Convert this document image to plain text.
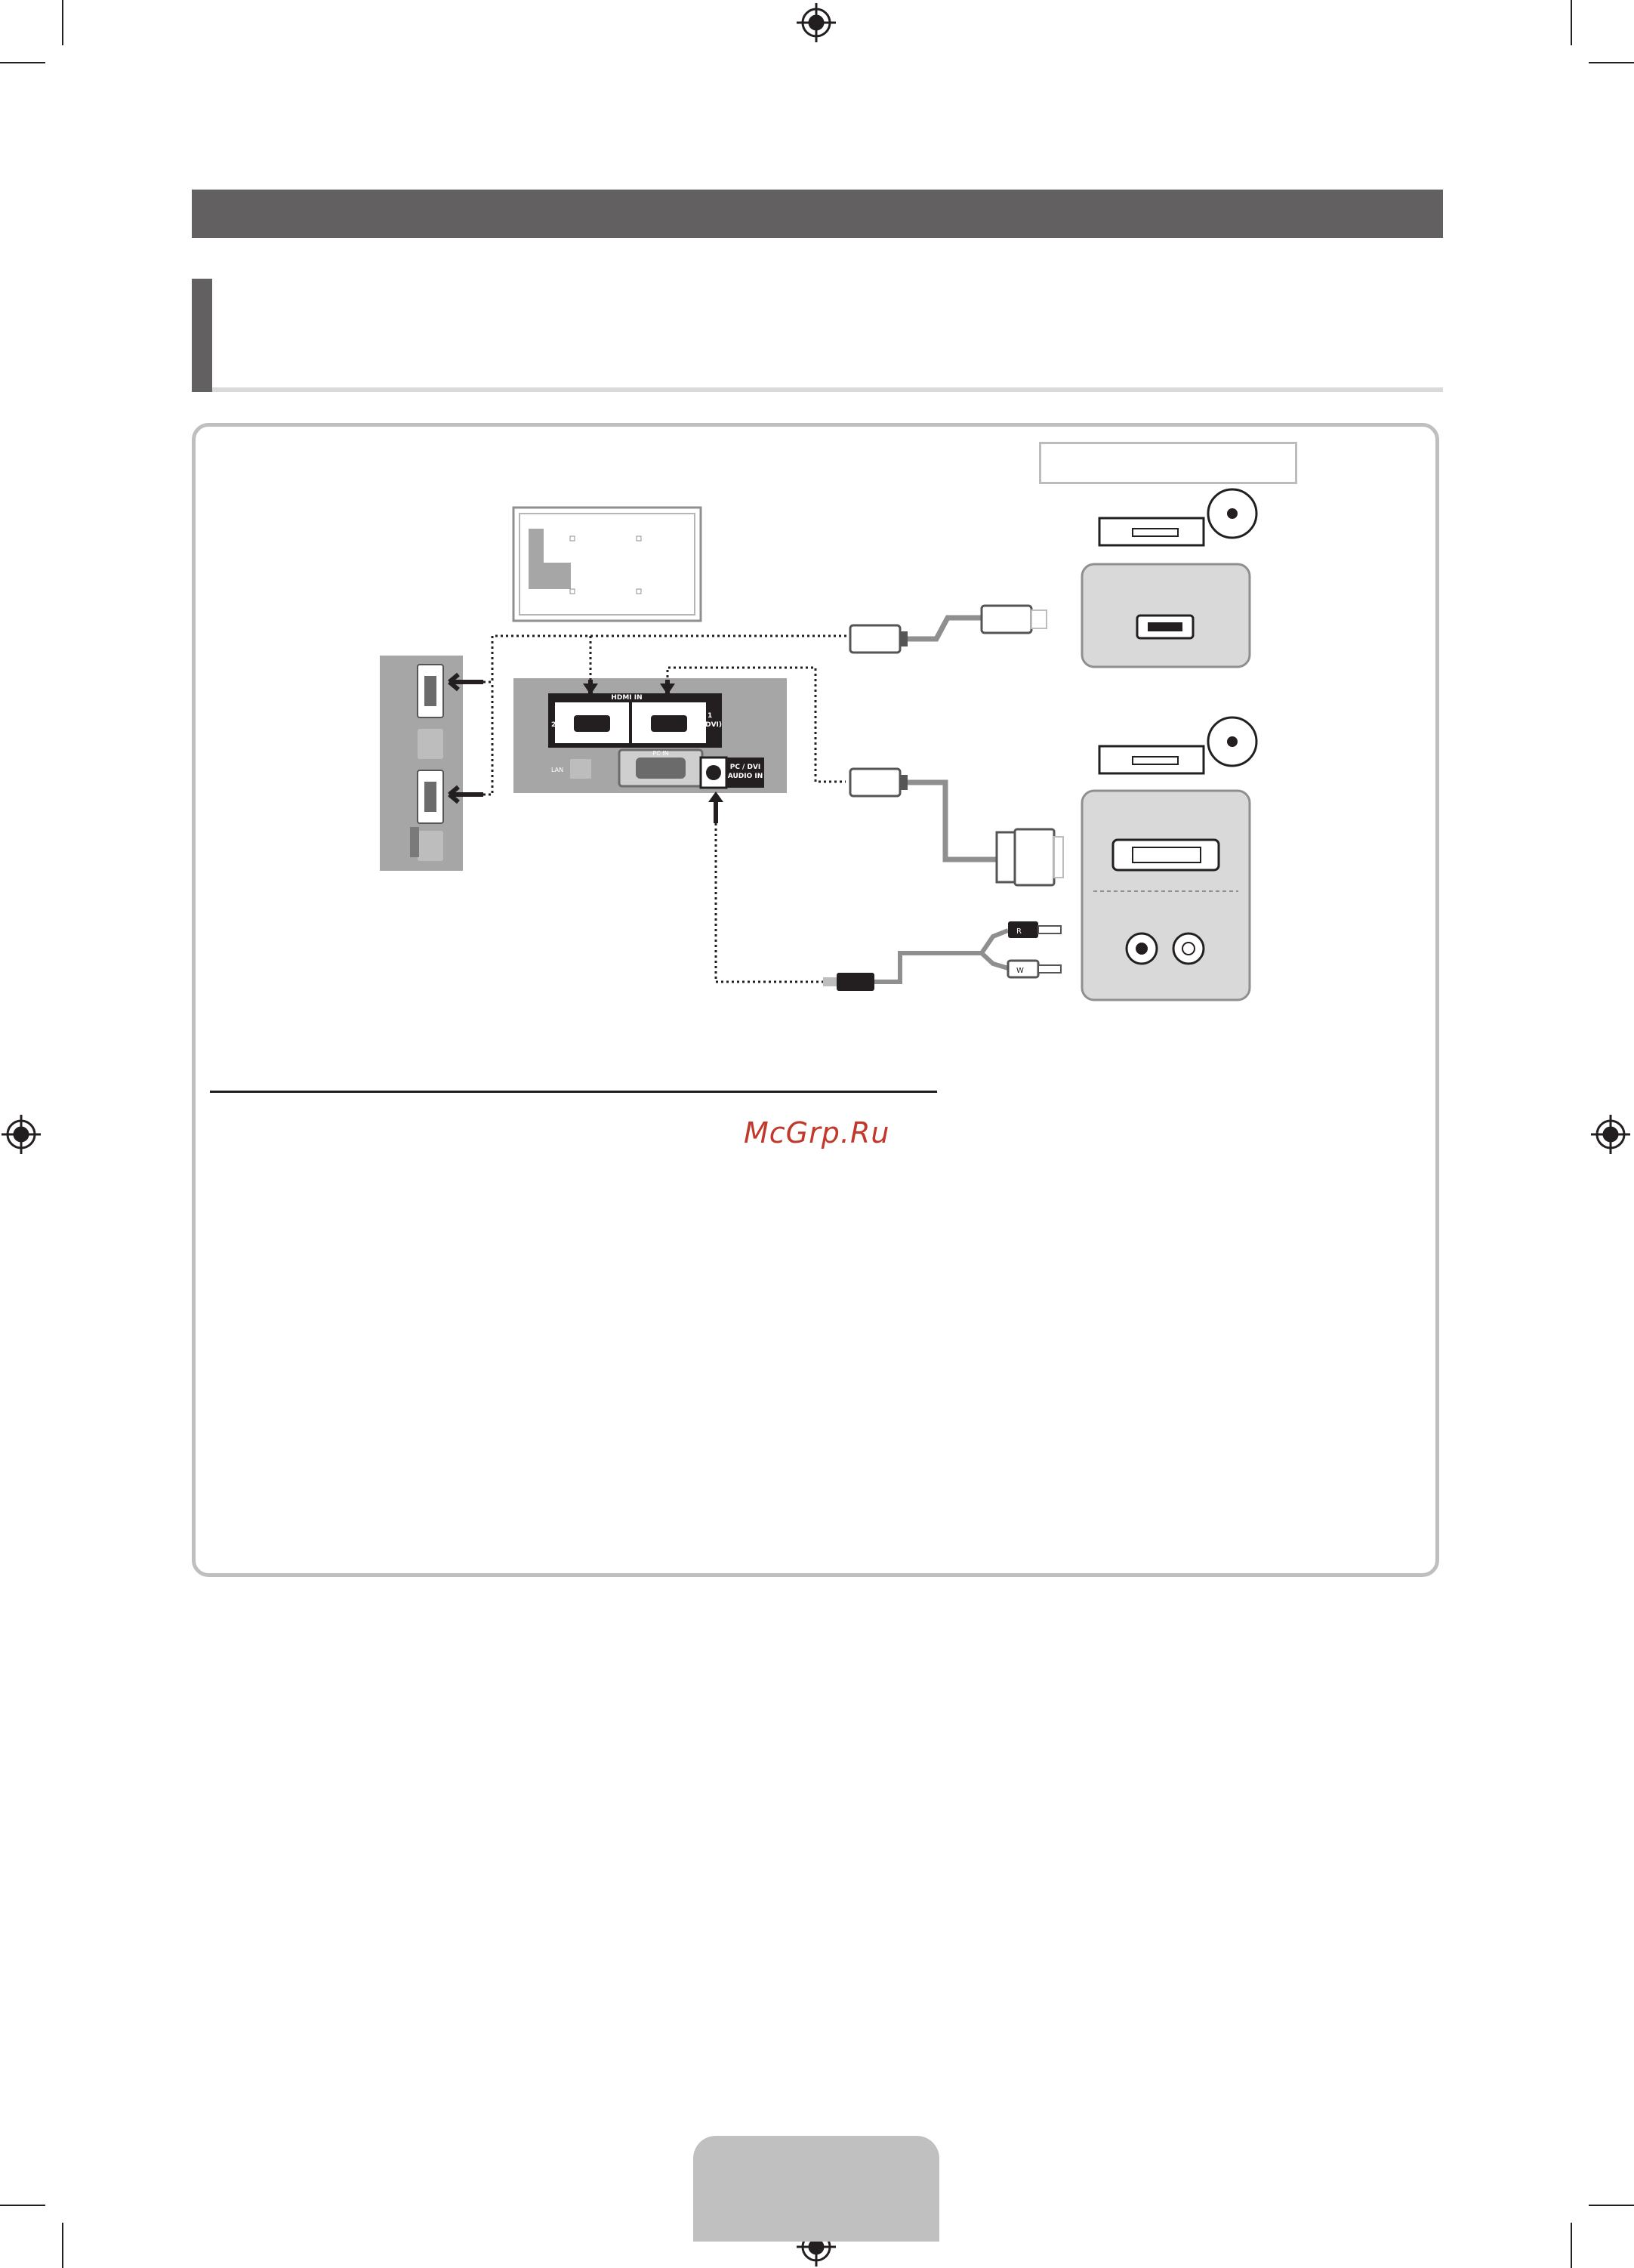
HDMI IN
2
1
(DVI)
PC / DVI
AUDIO IN
PC IN
LAN
R
W
McGrp.Ru
